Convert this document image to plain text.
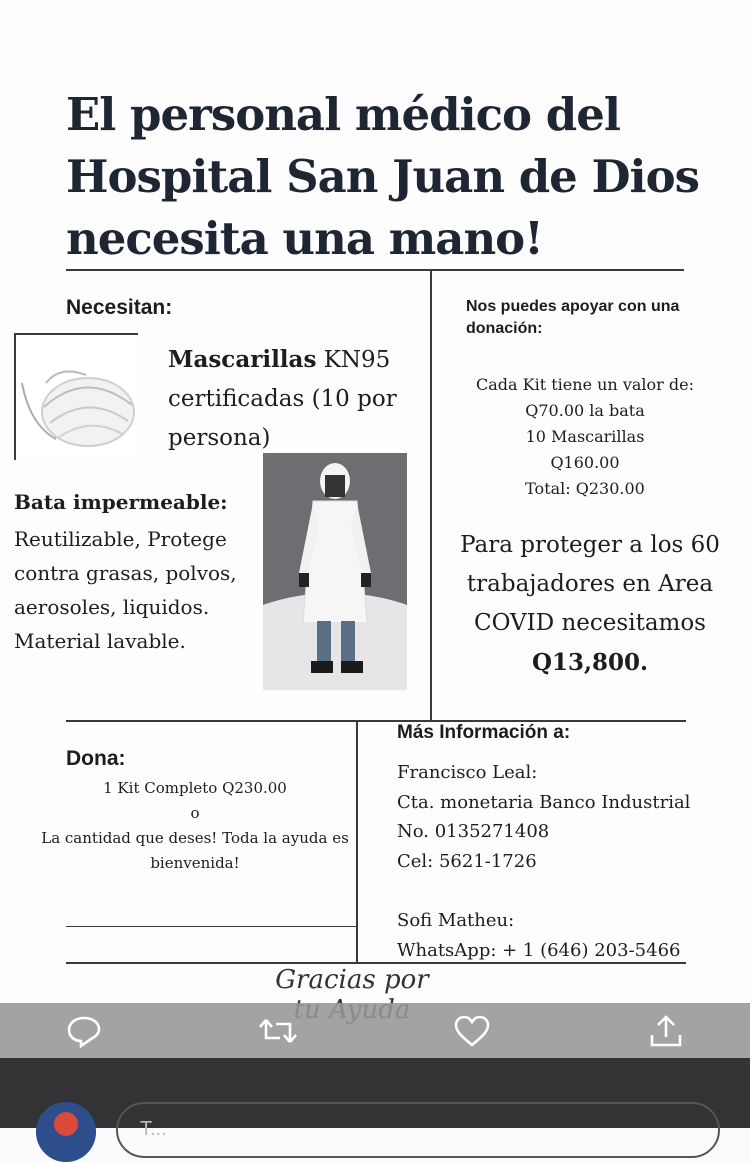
El personal médico del Hospital San Juan de Dios necesita una mano!
Necesitan:
Mascarillas KN95 certificadas (10 por persona)
Bata impermeable:
Reutilizable, Protege contra grasas, polvos, aerosoles, liquidos. Material lavable.
Nos puedes apoyar con una donación:
Cada Kit tiene un valor de:
Q70.00 la bata
10 Mascarillas
Q160.00
Total: Q230.00
Para proteger a los 60 trabajadores en Area COVID necesitamos
Q13,800.
Dona:
1 Kit Completo Q230.00
o
La cantidad que deses! Toda la ayuda es bienvenida!
Más Información a:
Francisco Leal:
Cta. monetaria Banco Industrial
No. 0135271408
Cel: 5621-1726
Sofi Matheu:
WhatsApp: + 1 (646) 203-5466
Gracias por
T...
